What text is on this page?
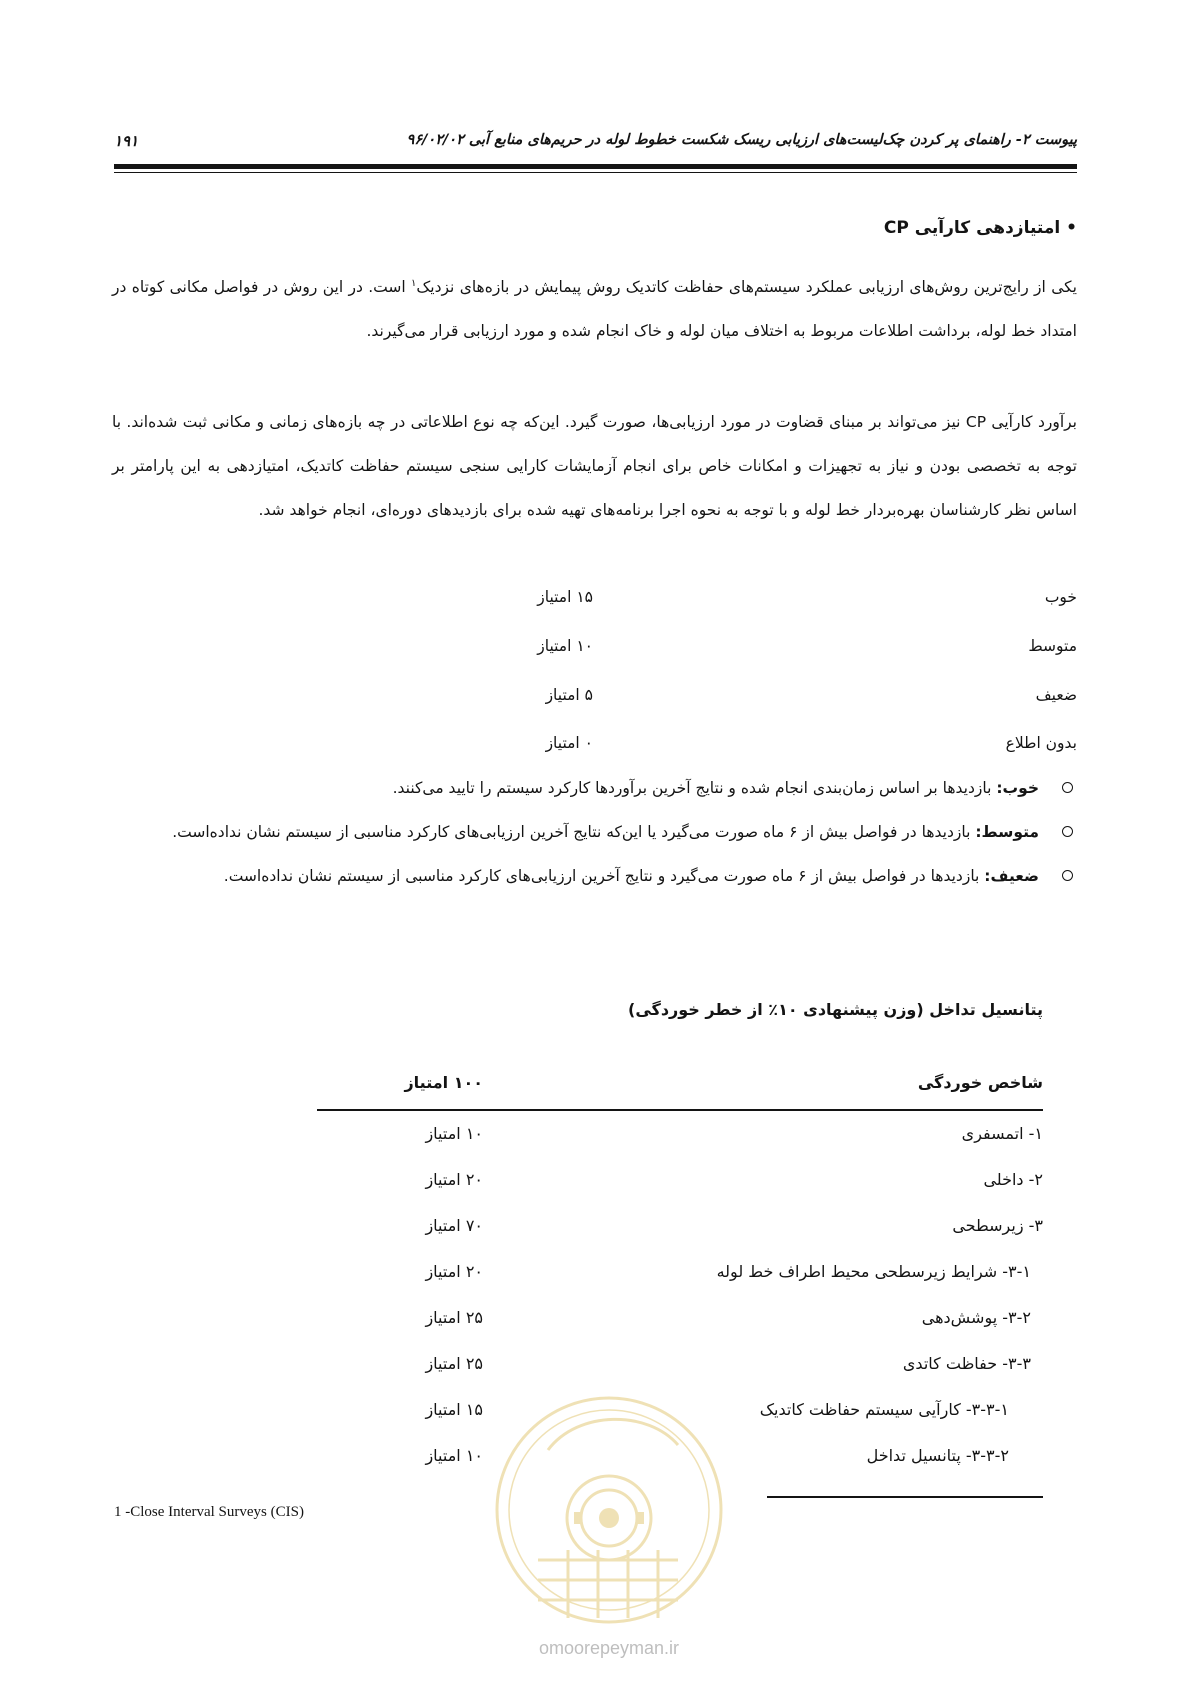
پیوست ۲- راهنمای پر کردن چک‌لیست‌های ارزیابی ریسک شکست خطوط لوله در حریم‌های منابع آبی ۹۶/۰۲/۰۲
۱۹۱
• امتیازدهی کارآیی CP
یکی از رایج‌ترین روش‌های ارزیابی عملکرد سیستم‌های حفاظت کاتدیک روش پیمایش در بازه‌های نزدیک$^۱$ است. در این روش در فواصل مکانی کوتاه در امتداد خط لوله، برداشت اطلاعات مربوط به اختلاف میان لوله و خاک انجام شده و مورد ارزیابی قرار می‌گیرند.
برآورد کارآیی CP نیز می‌تواند بر مبنای قضاوت در مورد ارزیابی‌ها، صورت گیرد. این‌که چه نوع اطلاعاتی در چه بازه‌های زمانی و مکانی ثبت شده‌اند. با توجه به تخصصی بودن و نیاز به تجهیزات و امکانات خاص برای انجام آزمایشات کارایی سنجی سیستم حفاظت کاتدیک، امتیازدهی به این پارامتر بر اساس نظر کارشناسان بهره‌بردار خط لوله و با توجه به نحوه اجرا برنامه‌های تهیه شده برای بازدیدهای دوره‌ای، انجام خواهد شد.
خوب
۱۵ امتیاز
متوسط
۱۰ امتیاز
ضعیف
۵ امتیاز
بدون اطلاع
۰ امتیاز

خوب: بازدیدها بر اساس زمان‌بندی انجام شده و نتایج آخرین برآوردها کارکرد سیستم را تایید می‌کنند.

متوسط: بازدیدها در فواصل بیش از ۶ ماه صورت می‌گیرد یا این‌که نتایج آخرین ارزیابی‌های کارکرد مناسبی از سیستم نشان نداده‌است.

ضعیف: بازدیدها در فواصل بیش از ۶ ماه صورت می‌گیرد و نتایج آخرین ارزیابی‌های کارکرد مناسبی از سیستم نشان نداده‌است.

پتانسیل تداخل (وزن پیشنهادی ۱۰٪ از خطر خوردگی)
شاخص خوردگی
۱۰۰ امتیاز
۱- اتمسفری
۱۰ امتیاز
۲- داخلی
۲۰ امتیاز
۳- زیرسطحی
۷۰ امتیاز
۳-۱- شرایط زیرسطحی محیط اطراف خط لوله
۲۰ امتیاز
۳-۲- پوشش‌دهی
۲۵ امتیاز
۳-۳- حفاظت کاتدی
۲۵ امتیاز
۳-۳-۱- کارآیی سیستم حفاظت کاتدیک
۱۵ امتیاز
۳-۳-۲- پتانسیل تداخل
۱۰ امتیاز
1 -Close Interval Surveys (CIS)
omoorepeyman.ir
